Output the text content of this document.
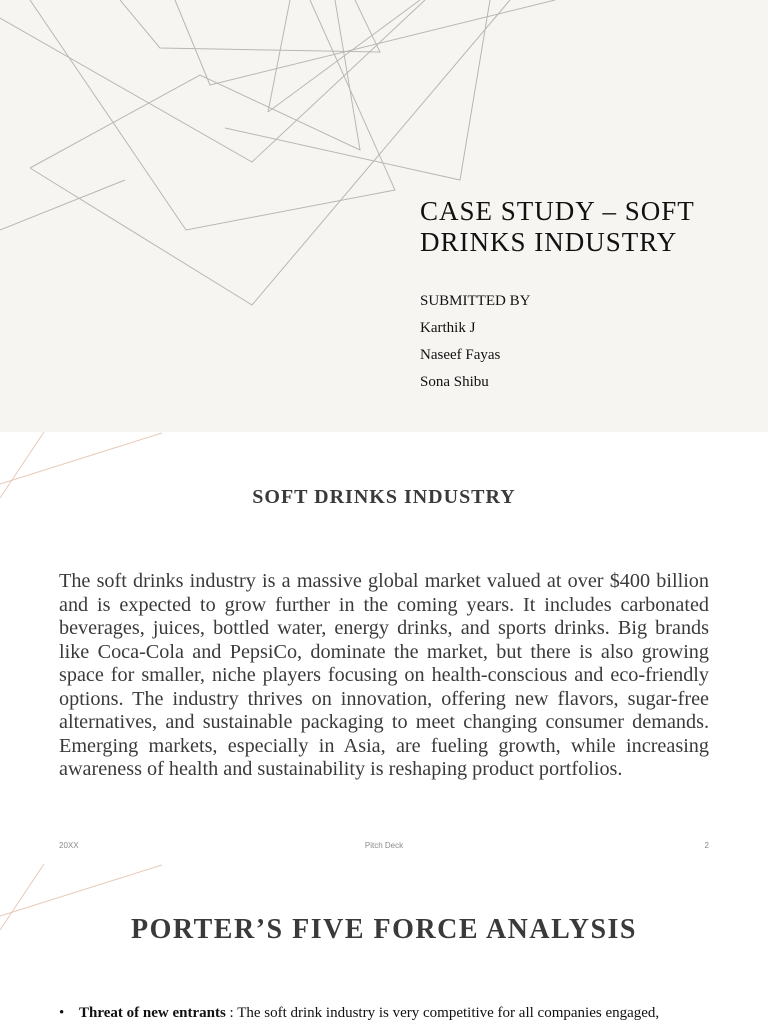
CASE STUDY – SOFT
DRINKS INDUSTRY
SUBMITTED BY
Karthik J
Naseef Fayas
Sona Shibu
SOFT DRINKS INDUSTRY

The soft drinks industry is a massive global market valued at over $400 billion and is expected to grow further in the coming years. It includes carbonated beverages, juices, bottled water, energy drinks, and sports drinks. Big brands like Coca-Cola and PepsiCo, dominate the market, but there is also growing space for smaller, niche players focusing on health-conscious and eco-friendly options. The industry thrives on innovation, offering new flavors, sugar-free alternatives, and sustainable packaging to meet changing consumer demands. Emerging markets, especially in Asia, are fueling growth, while increasing awareness of health and sustainability is reshaping product portfolios.

20XX	Pitch Deck	2
PORTER’S FIVE FORCE ANALYSIS
• Threat of new entrants : The soft drink industry is very competitive for all companies engaged,
